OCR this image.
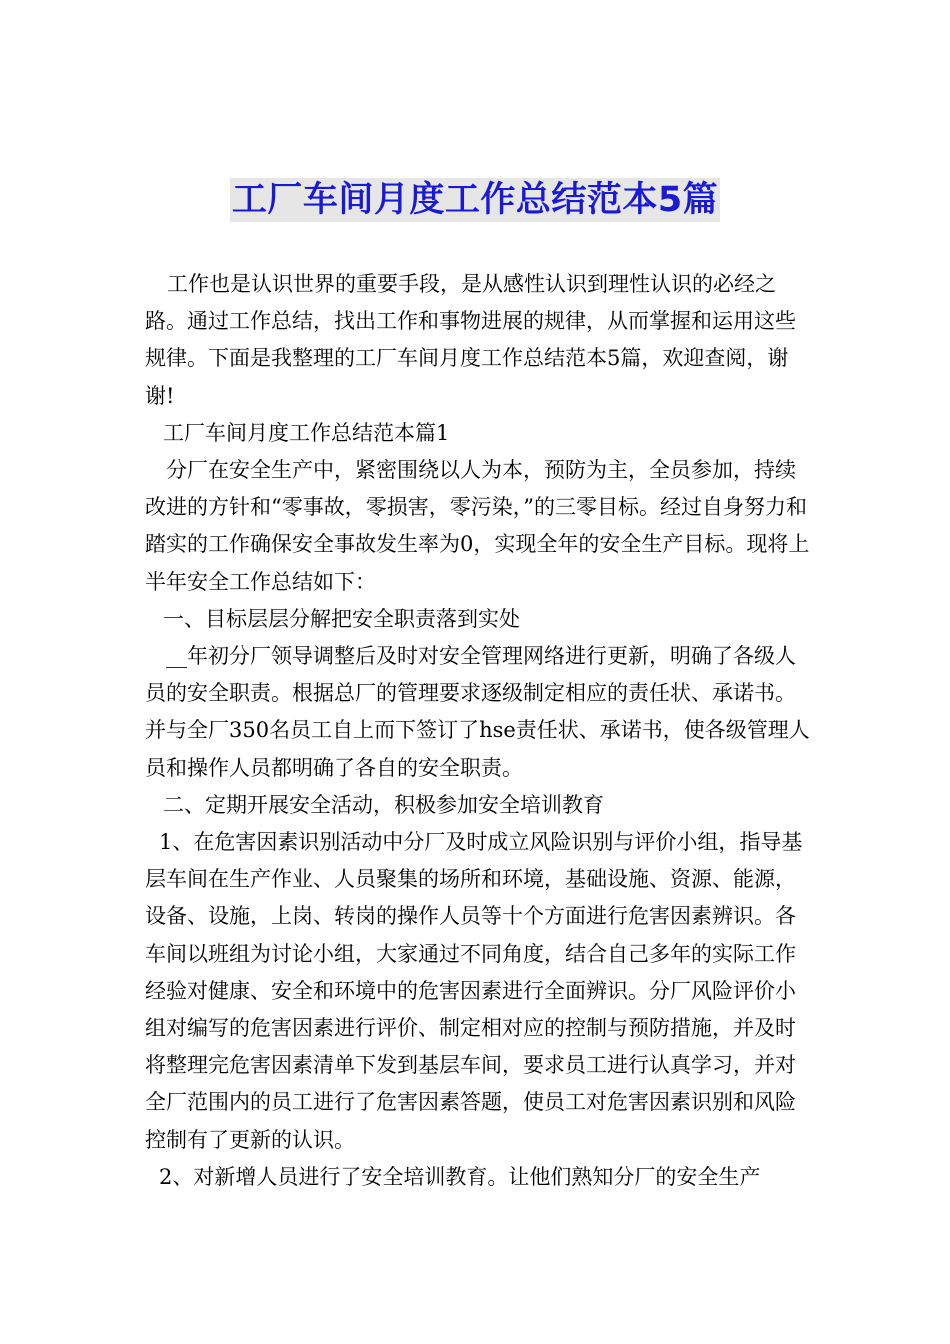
工厂车间月度工作总结范本5篇

工作也是认识世界的重要手段，是从感性认识到理性认识的必经之路。通过工作总结，找出工作和事物进展的规律，从而掌握和运用这些规律。下面是我整理的工厂车间月度工作总结范本5篇，欢迎查阅，谢谢!

工厂车间月度工作总结范本篇1

分厂在安全生产中，紧密围绕以人为本，预防为主，全员参加，持续改进的方针和“零事故，零损害，零污染，”的三零目标。经过自身努力和踏实的工作确保安全事故发生率为0，实现全年的安全生产目标。现将上半年安全工作总结如下：

一、目标层层分解把安全职责落到实处

__年初分厂领导调整后及时对安全管理网络进行更新，明确了各级人员的安全职责。根据总厂的管理要求逐级制定相应的责任状、承诺书。并与全厂350名员工自上而下签订了hse责任状、承诺书，使各级管理人员和操作人员都明确了各自的安全职责。

二、定期开展安全活动，积极参加安全培训教育

1、在危害因素识别活动中分厂及时成立风险识别与评价小组，指导基层车间在生产作业、人员聚集的场所和环境，基础设施、资源、能源，设备、设施，上岗、转岗的操作人员等十个方面进行危害因素辨识。各车间以班组为讨论小组，大家通过不同角度，结合自己多年的实际工作经验对健康、安全和环境中的危害因素进行全面辨识。分厂风险评价小组对编写的危害因素进行评价、制定相对应的控制与预防措施，并及时将整理完危害因素清单下发到基层车间，要求员工进行认真学习，并对全厂范围内的员工进行了危害因素答题，使员工对危害因素识别和风险控制有了更新的认识。

2、对新增人员进行了安全培训教育。让他们熟知分厂的安全生产
